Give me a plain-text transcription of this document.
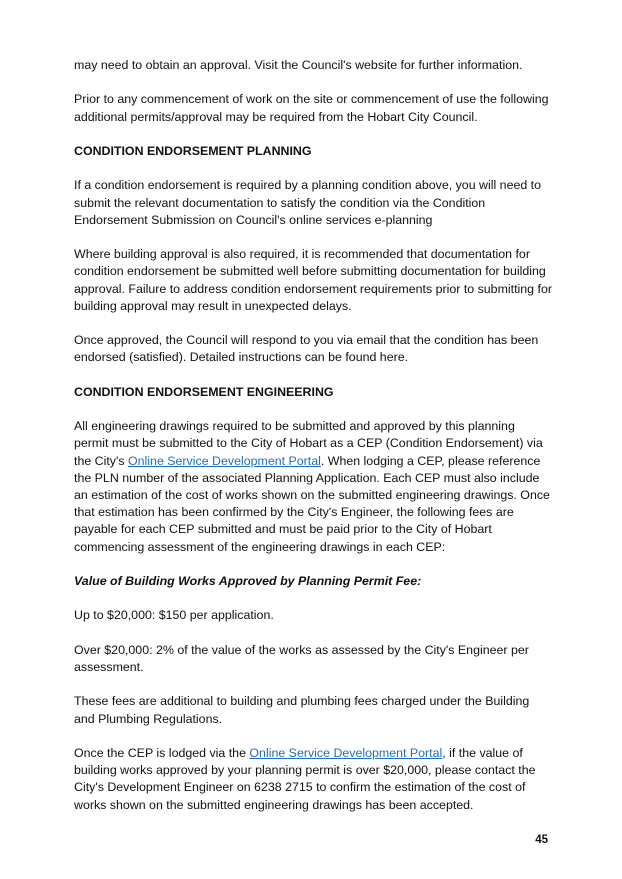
may need to obtain an approval. Visit the Council's website for further information.

Prior to any commencement of work on the site or commencement of use the following additional permits/approval may be required from the Hobart City Council.

CONDITION ENDORSEMENT PLANNING

If a condition endorsement is required by a planning condition above, you will need to submit the relevant documentation to satisfy the condition via the Condition Endorsement Submission on Council's online services e-planning

Where building approval is also required, it is recommended that documentation for condition endorsement be submitted well before submitting documentation for building approval. Failure to address condition endorsement requirements prior to submitting for building approval may result in unexpected delays.

Once approved, the Council will respond to you via email that the condition has been endorsed (satisfied). Detailed instructions can be found here.

CONDITION ENDORSEMENT ENGINEERING

All engineering drawings required to be submitted and approved by this planning permit must be submitted to the City of Hobart as a CEP (Condition Endorsement) via the City's Online Service Development Portal. When lodging a CEP, please reference the PLN number of the associated Planning Application. Each CEP must also include an estimation of the cost of works shown on the submitted engineering drawings. Once that estimation has been confirmed by the City's Engineer, the following fees are payable for each CEP submitted and must be paid prior to the City of Hobart commencing assessment of the engineering drawings in each CEP:

Value of Building Works Approved by Planning Permit Fee:

Up to $20,000: $150 per application.

Over $20,000: 2% of the value of the works as assessed by the City's Engineer per assessment.

These fees are additional to building and plumbing fees charged under the Building and Plumbing Regulations.

Once the CEP is lodged via the Online Service Development Portal, if the value of building works approved by your planning permit is over $20,000, please contact the City's Development Engineer on 6238 2715 to confirm the estimation of the cost of works shown on the submitted engineering drawings has been accepted.

45
